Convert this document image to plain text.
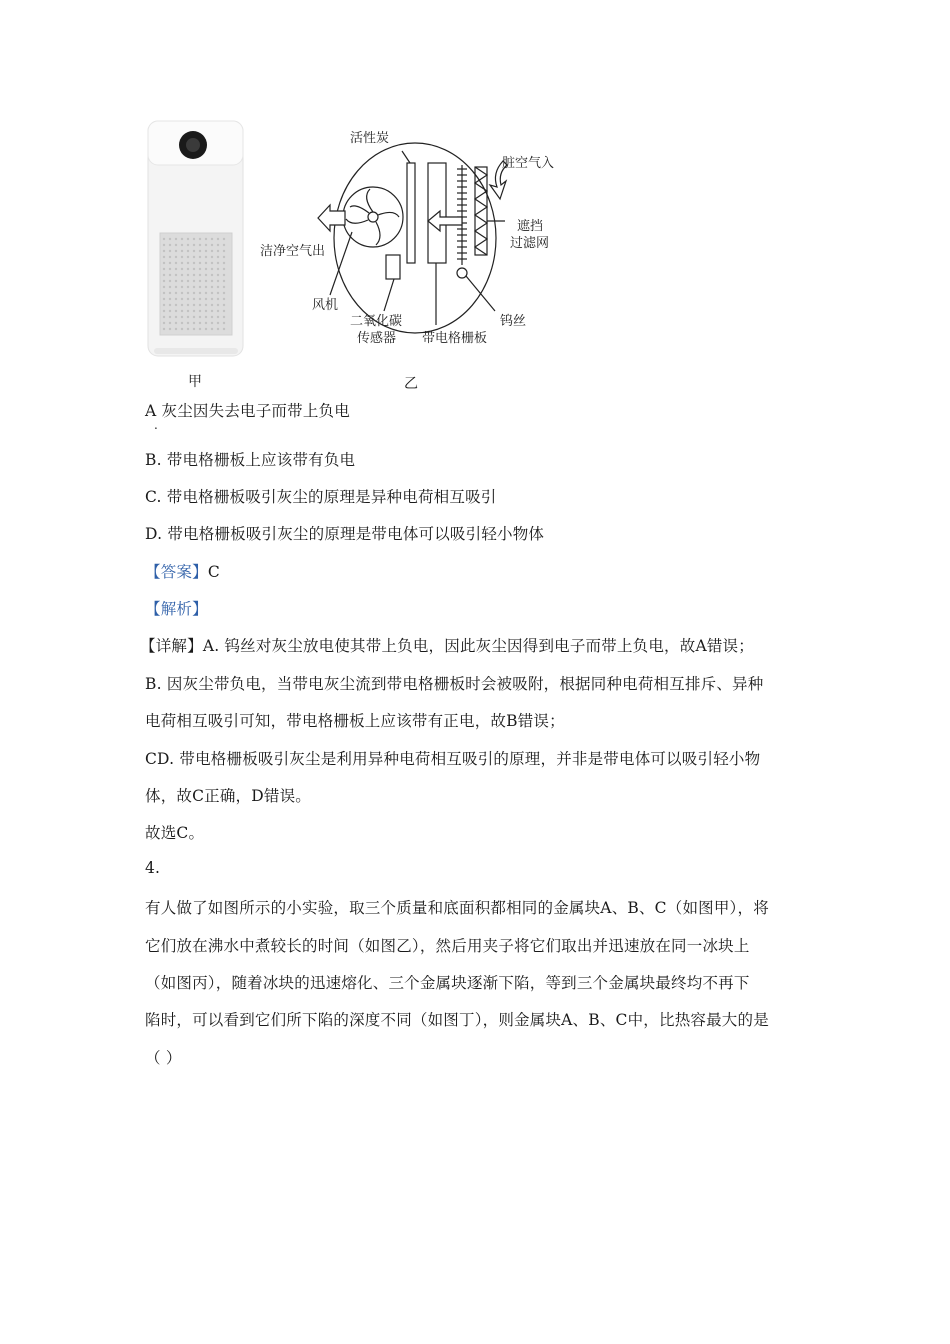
活性炭
脏空气入
洁净空气出
遮挡
过滤网
风机
二氧化碳
传感器 带电格栅板
钨丝
甲	乙
A 灰尘因失去电子而带上负电
.
B. 带电格栅板上应该带有负电
C. 带电格栅板吸引灰尘的原理是异种电荷相互吸引
D. 带电格栅板吸引灰尘的原理是带电体可以吸引轻小物体
【答案】C
【解析】
【详解】A. 钨丝对灰尘放电使其带上负电，因此灰尘因得到电子而带上负电，故A错误；
B. 因灰尘带负电，当带电灰尘流到带电格栅板时会被吸附，根据同种电荷相互排斥、异种
电荷相互吸引可知，带电格栅板上应该带有正电，故B错误；
CD. 带电格栅板吸引灰尘是利用异种电荷相互吸引的原理，并非是带电体可以吸引轻小物
体，故C正确，D错误。
故选C。
4.
有人做了如图所示的小实验，取三个质量和底面积都相同的金属块A、B、C（如图甲），将
它们放在沸水中煮较长的时间（如图乙），然后用夹子将它们取出并迅速放在同一冰块上
（如图丙），随着冰块的迅速熔化、三个金属块逐渐下陷，等到三个金属块最终均不再下
陷时，可以看到它们所下陷的深度不同（如图丁），则金属块A、B、C中，比热容最大的是
（ ）
